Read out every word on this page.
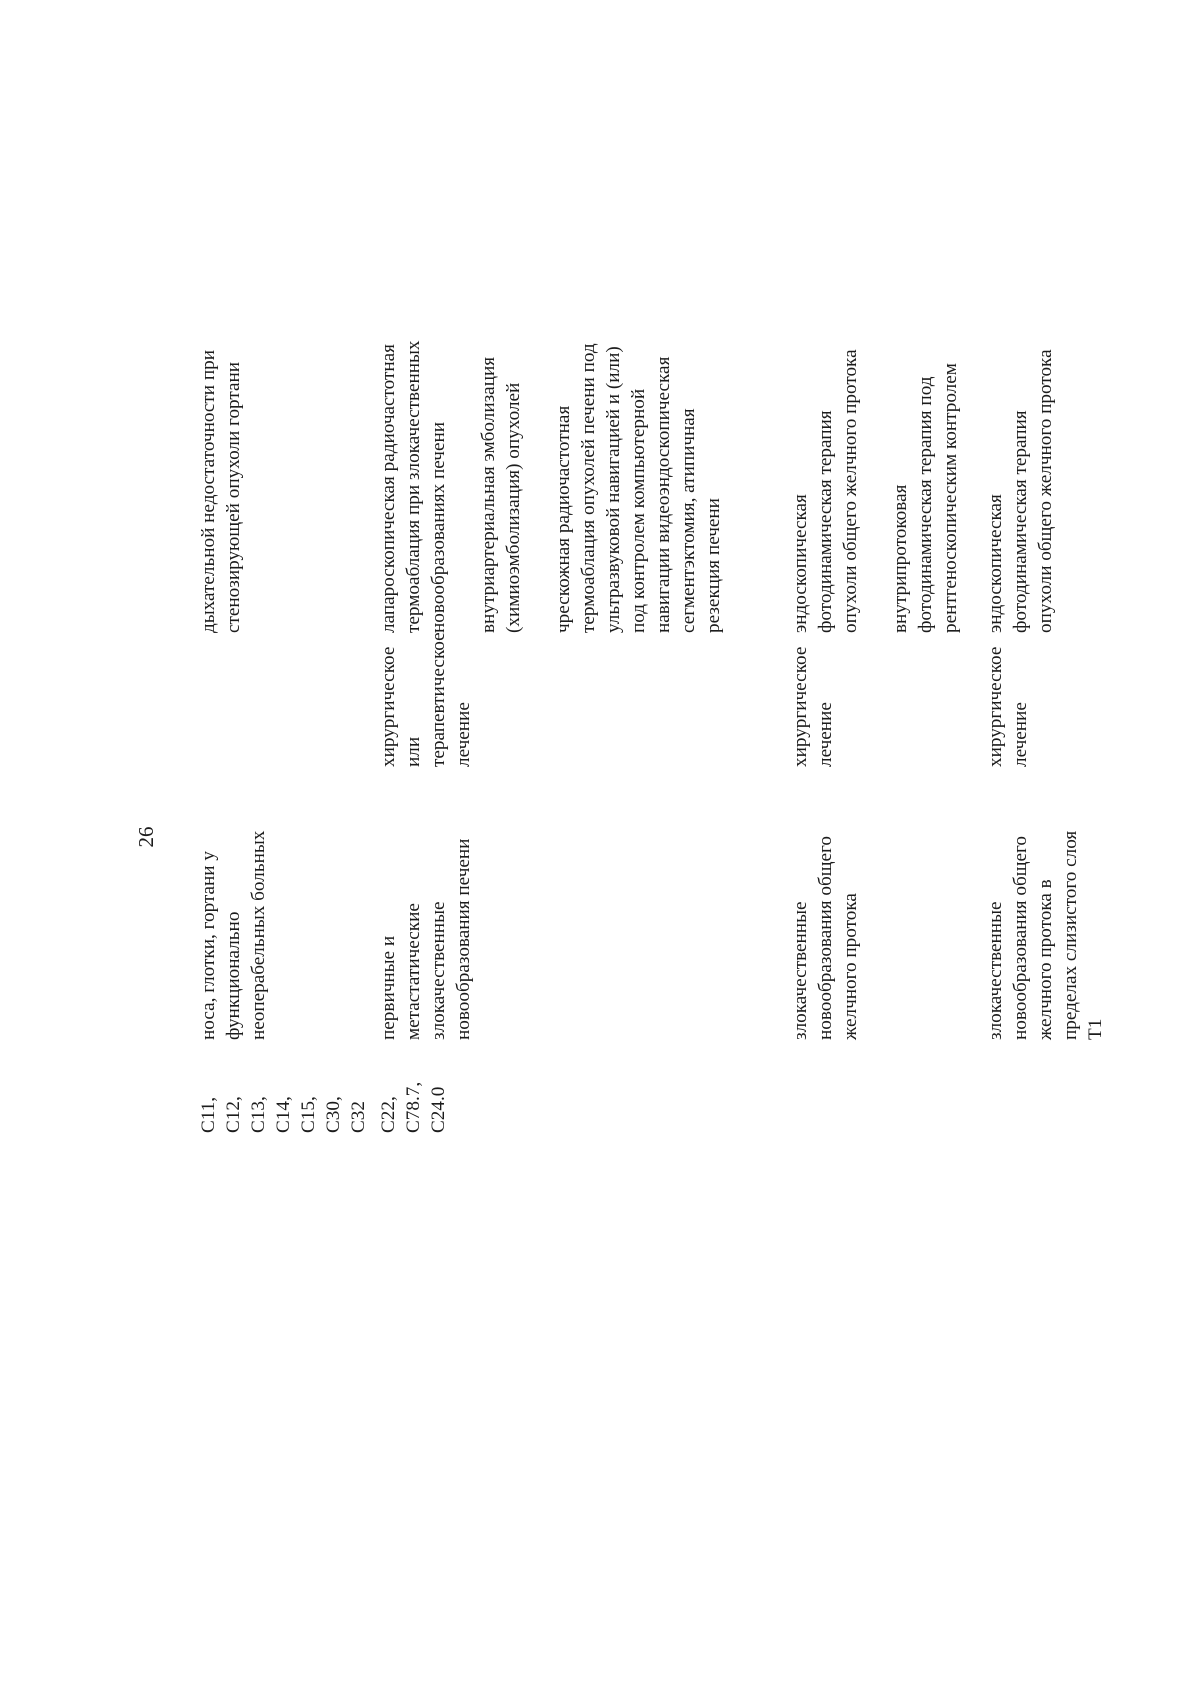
26
C11, C12, C13, C14, C15, C30, C32
носа, глотки, гортани у функционально неоперабельных больных
дыхательной недостаточности при стенозирующей опухоли гортани
C22, C78.7, C24.0
первичные и метастатические злокачественные новообразования печени
хирургическое или терапевтическое лечение
лапароскопическая радиочастотная термоаблация при злокачественных новообразованиях печени внутриартериальная эмболизация (химиоэмболизация) опухолей чрескожная радиочастотная термоаблация опухолей печени под ультразвуковой навигацией и (или) под контролем компьютерной навигации видеоэндоскопическая сегментэктомия, атипичная резекция печени
злокачественные новообразования общего желчного протока
хирургическое лечение
эндоскопическая фотодинамическая терапия опухоли общего желчного протока внутрипротоковая фотодинамическая терапия под рентгеноскопическим контролем
злокачественные новообразования общего желчного протока в пределах слизистого слоя T1
хирургическое лечение
эндоскопическая фотодинамическая терапия опухоли общего желчного протока
